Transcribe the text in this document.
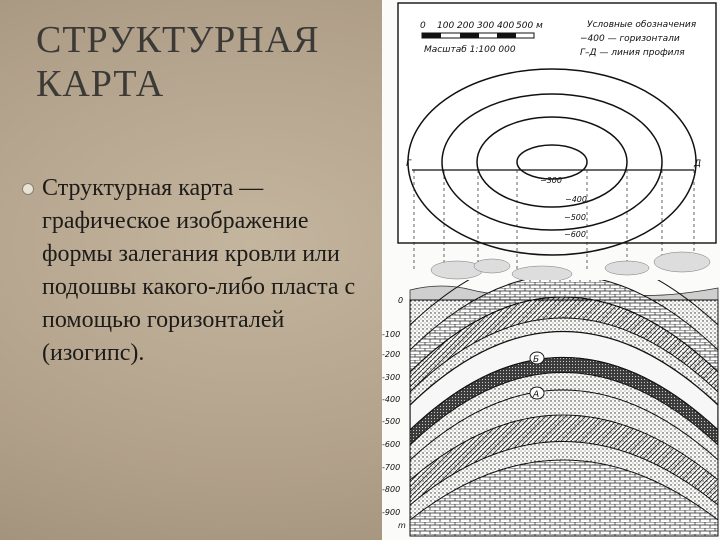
СТРУКТУРНАЯ
КАРТА
Структурная карта — графическое изображение формы залегания кровли или подошвы какого-либо пласта с помощью горизонталей (изогипс).
0 100 200 300 400 500 м
Масштаб 1:100 000
Условные обозначения
−400 — горизонтали
Г–Д — линия профиля
−300
−400
−500
−600
Г	Д
Б
А
0
-100
-200
-300
-400
-500
-600
-700
-800
-900
m
